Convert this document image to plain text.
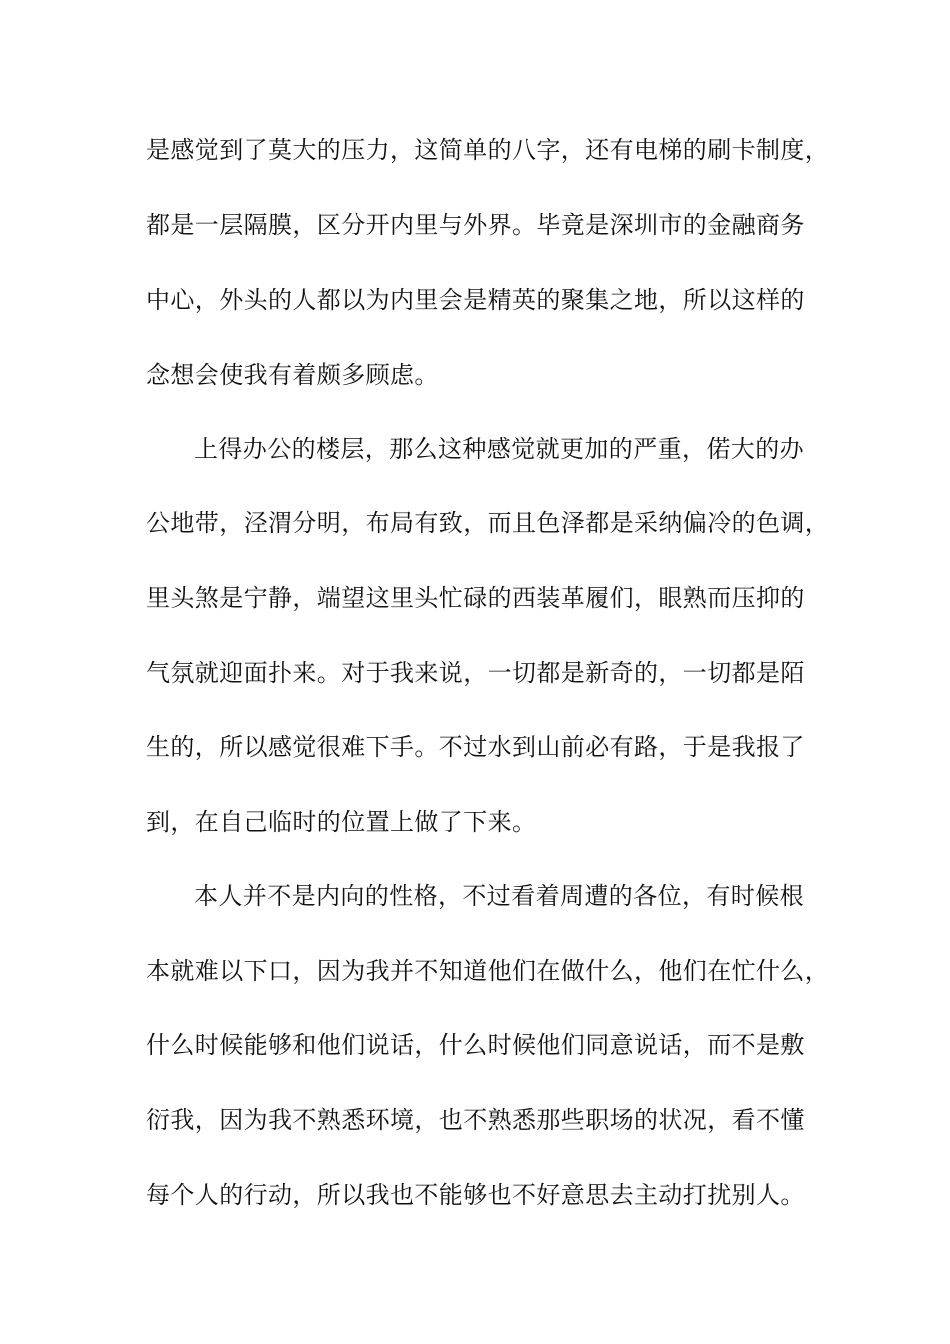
是感觉到了莫大的压力，这简单的八字，还有电梯的刷卡制度，
都是一层隔膜，区分开内里与外界。毕竟是深圳市的金融商务
中心，外头的人都以为内里会是精英的聚集之地，所以这样的
念想会使我有着颇多顾虑。
上得办公的楼层，那么这种感觉就更加的严重，偌大的办
公地带，泾渭分明，布局有致，而且色泽都是采纳偏冷的色调，
里头煞是宁静，端望这里头忙碌的西装革履们，眼熟而压抑的
气氛就迎面扑来。对于我来说，一切都是新奇的，一切都是陌
生的，所以感觉很难下手。不过水到山前必有路，于是我报了
到，在自己临时的位置上做了下来。
本人并不是内向的性格，不过看着周遭的各位，有时候根
本就难以下口，因为我并不知道他们在做什么，他们在忙什么，
什么时候能够和他们说话，什么时候他们同意说话，而不是敷
衍我，因为我不熟悉环境，也不熟悉那些职场的状况，看不懂
每个人的行动，所以我也不能够也不好意思去主动打扰别人。
